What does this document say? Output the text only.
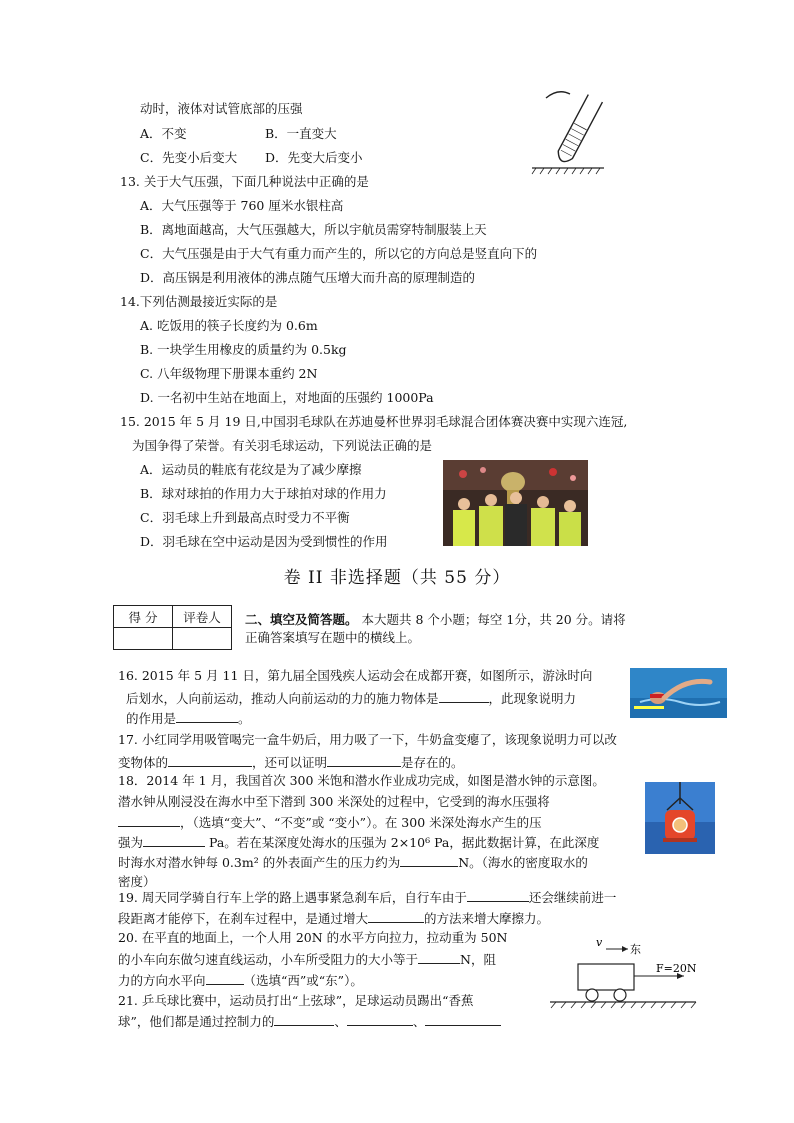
动时，液体对试管底部的压强
A．不变	B．一直变大
C．先变小后变大 D．先变大后变小
13. 关于大气压强，下面几种说法中正确的是
A．大气压强等于 760 厘米水银柱高
B．离地面越高，大气压强越大，所以宇航员需穿特制服装上天
C．大气压强是由于大气有重力而产生的，所以它的方向总是竖直向下的
D．高压锅是利用液体的沸点随气压增大而升高的原理制造的
14.下列估测最接近实际的是
A. 吃饭用的筷子长度约为 0.6m
B. 一块学生用橡皮的质量约为 0.5kg
C. 八年级物理下册课本重约 2N
D. 一名初中生站在地面上，对地面的压强约 1000Pa
15. 2015 年 5 月 19 日,中国羽毛球队在苏迪曼杯世界羽毛球混合团体赛决赛中实现六连冠,
为国争得了荣誉。有关羽毛球运动，下列说法正确的是
A．运动员的鞋底有花纹是为了减少摩擦
B．球对球拍的作用力大于球拍对球的作用力
C．羽毛球上升到最高点时受力不平衡
D．羽毛球在空中运动是因为受到惯性的作用
卷 II 非选择题（共 55 分）
得 分	评卷人
	二、填空及简答题。 本大题共 8 个小题；每空 1分，共 20 分。请将
正确答案填写在题中的横线上。
16. 2015 年 5 月 11 日，第九届全国残疾人运动会在成都开赛，如图所示，游泳时向
后划水，人向前运动，推动人向前运动的力的施力物体是	，此现象说明力
的作用是	。
17. 小红同学用吸管喝完一盒牛奶后，用力吸了一下，牛奶盒变瘪了，该现象说明力可以改
变物体的	，还可以证明	是存在的。
18．2014 年 1 月，我国首次 300 米饱和潜水作业成功完成，如图是潜水钟的示意图。
潜水钟从刚浸没在海水中至下潜到 300 米深处的过程中，它受到的海水压强将
，（选填“变大”、“不变”或 “变小”）。在 300 米深处海水产生的压
强为	Pa。若在某深度处海水的压强为 2×10⁶ Pa，据此数据计算，在此深度
时海水对潜水钟每 0.3m² 的外表面产生的压力约为	N。（海水的密度取水的
密度）
19. 周天同学骑自行车上学的路上遇事紧急刹车后，自行车由于	还会继续前进一
段距离才能停下，在刹车过程中，是通过增大	的方法来增大摩擦力。
20. 在平直的地面上，一个人用 20N 的水平方向拉力，拉动重为 50N
的小车向东做匀速直线运动，小车所受阻力的大小等于	N，阻
力的方向水平向	（选填“西”或“东”）。
v
东
F=20N
21. 乒乓球比赛中，运动员打出“上弦球”，足球运动员踢出“香蕉
球”，他们都是通过控制力的	、	、
